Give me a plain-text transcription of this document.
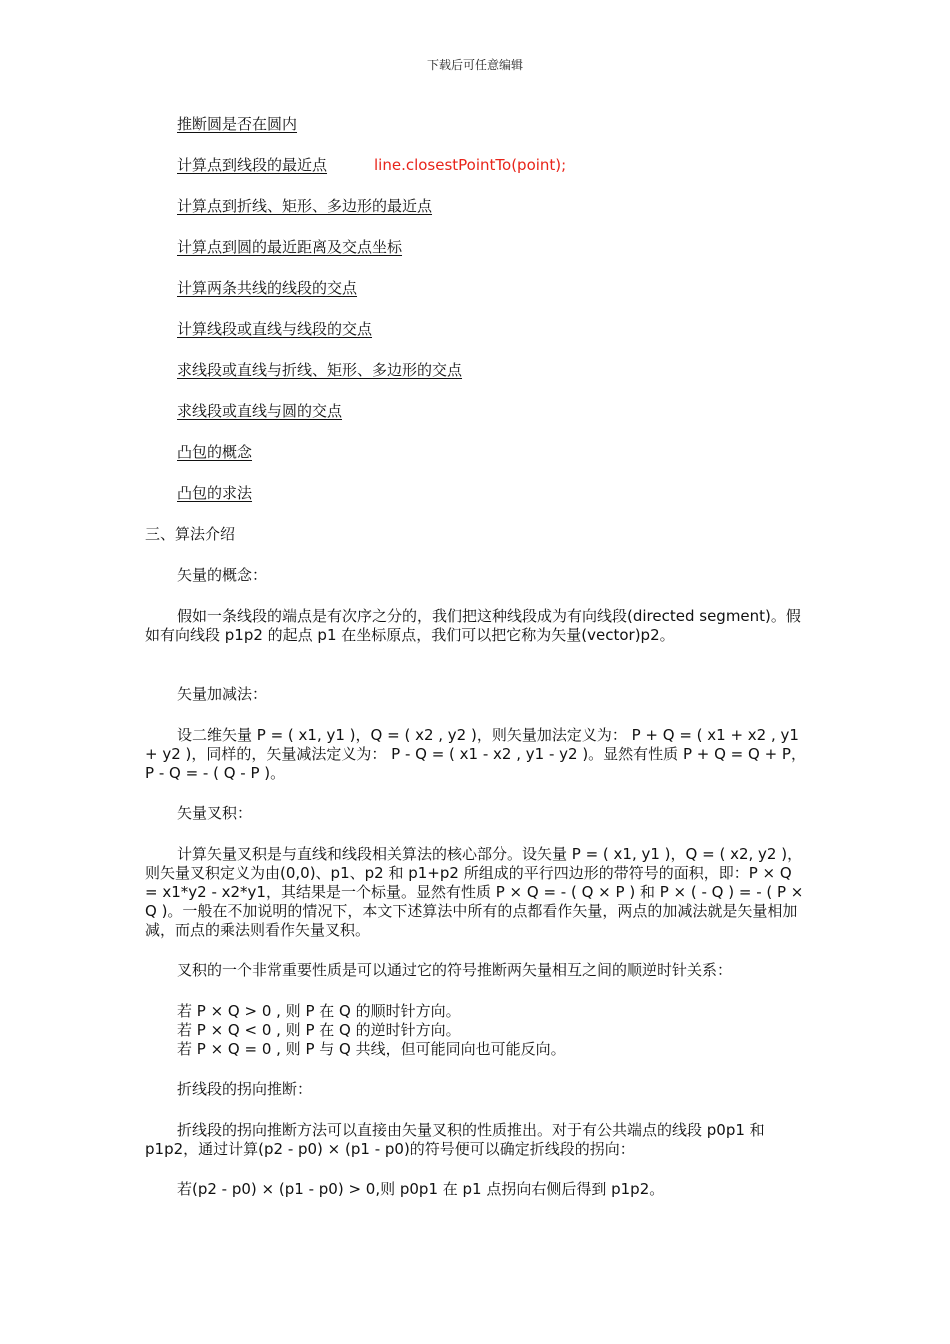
下载后可任意编辑
推断圆是否在圆内
计算点到线段的最近点	line.closestPointTo(point);
计算点到折线、矩形、多边形的最近点
计算点到圆的最近距离及交点坐标
计算两条共线的线段的交点
计算线段或直线与线段的交点
求线段或直线与折线、矩形、多边形的交点
求线段或直线与圆的交点
凸包的概念
凸包的求法
三、算法介绍
矢量的概念：
假如一条线段的端点是有次序之分的，我们把这种线段成为有向线段(directed segment)。假如有向线段 p1p2 的起点 p1 在坐标原点，我们可以把它称为矢量(vector)p2。
矢量加减法：
设二维矢量 P = ( x1, y1 )，Q = ( x2 , y2 )，则矢量加法定义为： P + Q = ( x1 + x2 , y1 + y2 )，同样的，矢量减法定义为： P - Q = ( x1 - x2 , y1 - y2 )。显然有性质 P + Q = Q + P，P - Q = - ( Q - P )。
矢量叉积：
计算矢量叉积是与直线和线段相关算法的核心部分。设矢量 P = ( x1, y1 )，Q = ( x2, y2 )，则矢量叉积定义为由(0,0)、p1、p2 和 p1+p2 所组成的平行四边形的带符号的面积，即：P × Q = x1*y2 - x2*y1，其结果是一个标量。显然有性质 P × Q = - ( Q × P ) 和 P × ( - Q ) = - ( P × Q )。一般在不加说明的情况下，本文下述算法中所有的点都看作矢量，两点的加减法就是矢量相加减，而点的乘法则看作矢量叉积。
叉积的一个非常重要性质是可以通过它的符号推断两矢量相互之间的顺逆时针关系：
若 P × Q > 0 , 则 P 在 Q 的顺时针方向。
若 P × Q < 0 , 则 P 在 Q 的逆时针方向。
若 P × Q = 0 , 则 P 与 Q 共线，但可能同向也可能反向。
折线段的拐向推断：
折线段的拐向推断方法可以直接由矢量叉积的性质推出。对于有公共端点的线段 p0p1 和 p1p2，通过计算(p2 - p0) × (p1 - p0)的符号便可以确定折线段的拐向：
若(p2 - p0) × (p1 - p0) > 0,则 p0p1 在 p1 点拐向右侧后得到 p1p2。
